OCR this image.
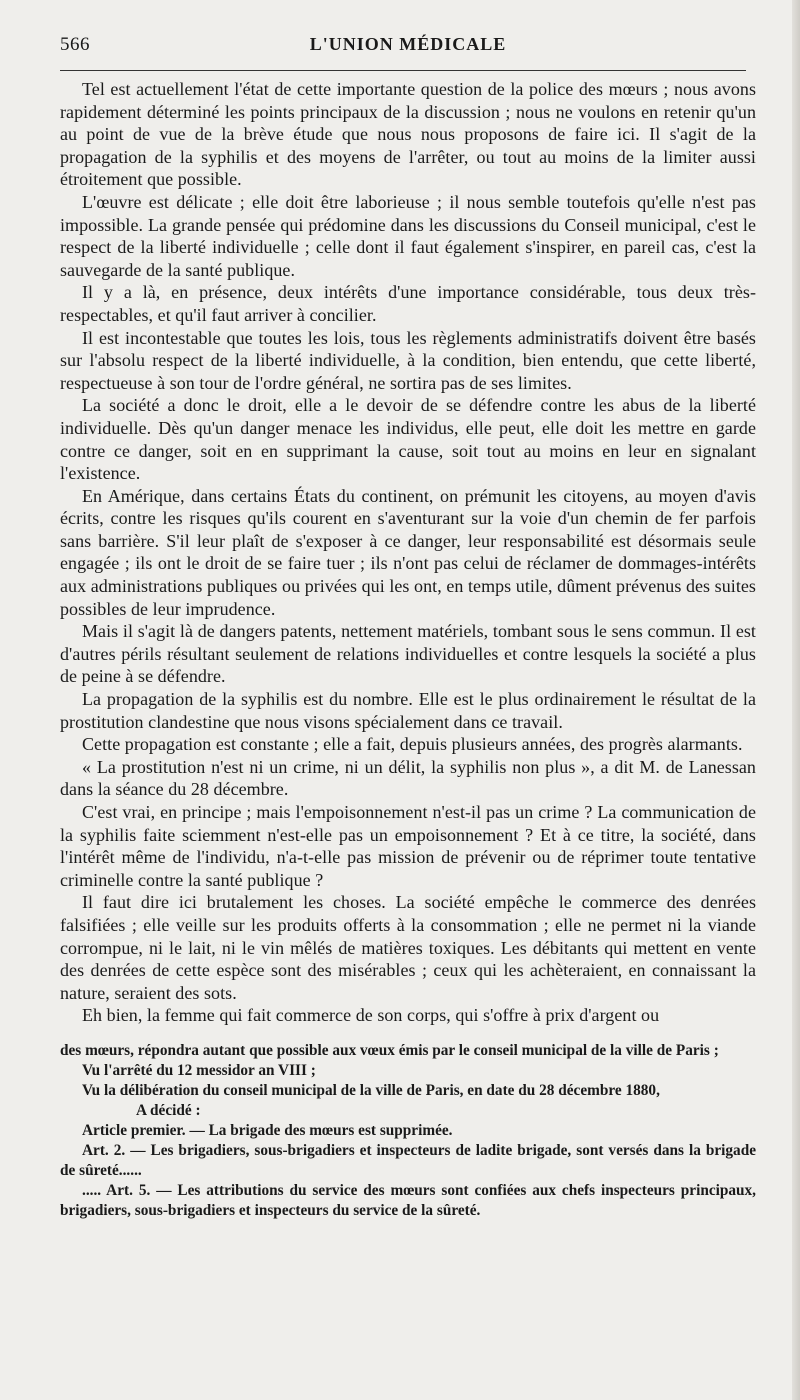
566	L'UNION MÉDICALE

Tel est actuellement l'état de cette importante question de la police des mœurs ; nous avons rapidement déterminé les points principaux de la discussion ; nous ne voulons en retenir qu'un au point de vue de la brève étude que nous nous proposons de faire ici. Il s'agit de la propagation de la syphilis et des moyens de l'arrêter, ou tout au moins de la limiter aussi étroitement que possible.

L'œuvre est délicate ; elle doit être laborieuse ; il nous semble toutefois qu'elle n'est pas impossible. La grande pensée qui prédomine dans les discussions du Conseil municipal, c'est le respect de la liberté individuelle ; celle dont il faut également s'inspirer, en pareil cas, c'est la sauvegarde de la santé publique.

Il y a là, en présence, deux intérêts d'une importance considérable, tous deux très-respectables, et qu'il faut arriver à concilier.

Il est incontestable que toutes les lois, tous les règlements administratifs doivent être basés sur l'absolu respect de la liberté individuelle, à la condition, bien entendu, que cette liberté, respectueuse à son tour de l'ordre général, ne sortira pas de ses limites.

La société a donc le droit, elle a le devoir de se défendre contre les abus de la liberté individuelle. Dès qu'un danger menace les individus, elle peut, elle doit les mettre en garde contre ce danger, soit en en supprimant la cause, soit tout au moins en leur en signalant l'existence.

En Amérique, dans certains États du continent, on prémunit les citoyens, au moyen d'avis écrits, contre les risques qu'ils courent en s'aventurant sur la voie d'un chemin de fer parfois sans barrière. S'il leur plaît de s'exposer à ce danger, leur responsabilité est désormais seule engagée ; ils ont le droit de se faire tuer ; ils n'ont pas celui de réclamer de dommages-intérêts aux administrations publiques ou privées qui les ont, en temps utile, dûment prévenus des suites possibles de leur imprudence.

Mais il s'agit là de dangers patents, nettement matériels, tombant sous le sens commun. Il est d'autres périls résultant seulement de relations individuelles et contre lesquels la société a plus de peine à se défendre.

La propagation de la syphilis est du nombre. Elle est le plus ordinairement le résultat de la prostitution clandestine que nous visons spécialement dans ce travail.

Cette propagation est constante ; elle a fait, depuis plusieurs années, des progrès alarmants.

« La prostitution n'est ni un crime, ni un délit, la syphilis non plus », a dit M. de Lanessan dans la séance du 28 décembre.

C'est vrai, en principe ; mais l'empoisonnement n'est-il pas un crime ? La communication de la syphilis faite sciemment n'est-elle pas un empoisonnement ? Et à ce titre, la société, dans l'intérêt même de l'individu, n'a-t-elle pas mission de prévenir ou de réprimer toute tentative criminelle contre la santé publique ?

Il faut dire ici brutalement les choses. La société empêche le commerce des denrées falsifiées ; elle veille sur les produits offerts à la consommation ; elle ne permet ni la viande corrompue, ni le lait, ni le vin mêlés de matières toxiques. Les débitants qui mettent en vente des denrées de cette espèce sont des misérables ; ceux qui les achèteraient, en connaissant la nature, seraient des sots.

Eh bien, la femme qui fait commerce de son corps, qui s'offre à prix d'argent ou

des mœurs, répondra autant que possible aux vœux émis par le conseil municipal de la ville de Paris ;

Vu l'arrêté du 12 messidor an VIII ;

Vu la délibération du conseil municipal de la ville de Paris, en date du 28 décembre 1880,

A décidé :

Article premier. — La brigade des mœurs est supprimée.

Art. 2. — Les brigadiers, sous-brigadiers et inspecteurs de ladite brigade, sont versés dans la brigade de sûreté......

..... Art. 5. — Les attributions du service des mœurs sont confiées aux chefs inspecteurs principaux, brigadiers, sous-brigadiers et inspecteurs du service de la sûreté.
